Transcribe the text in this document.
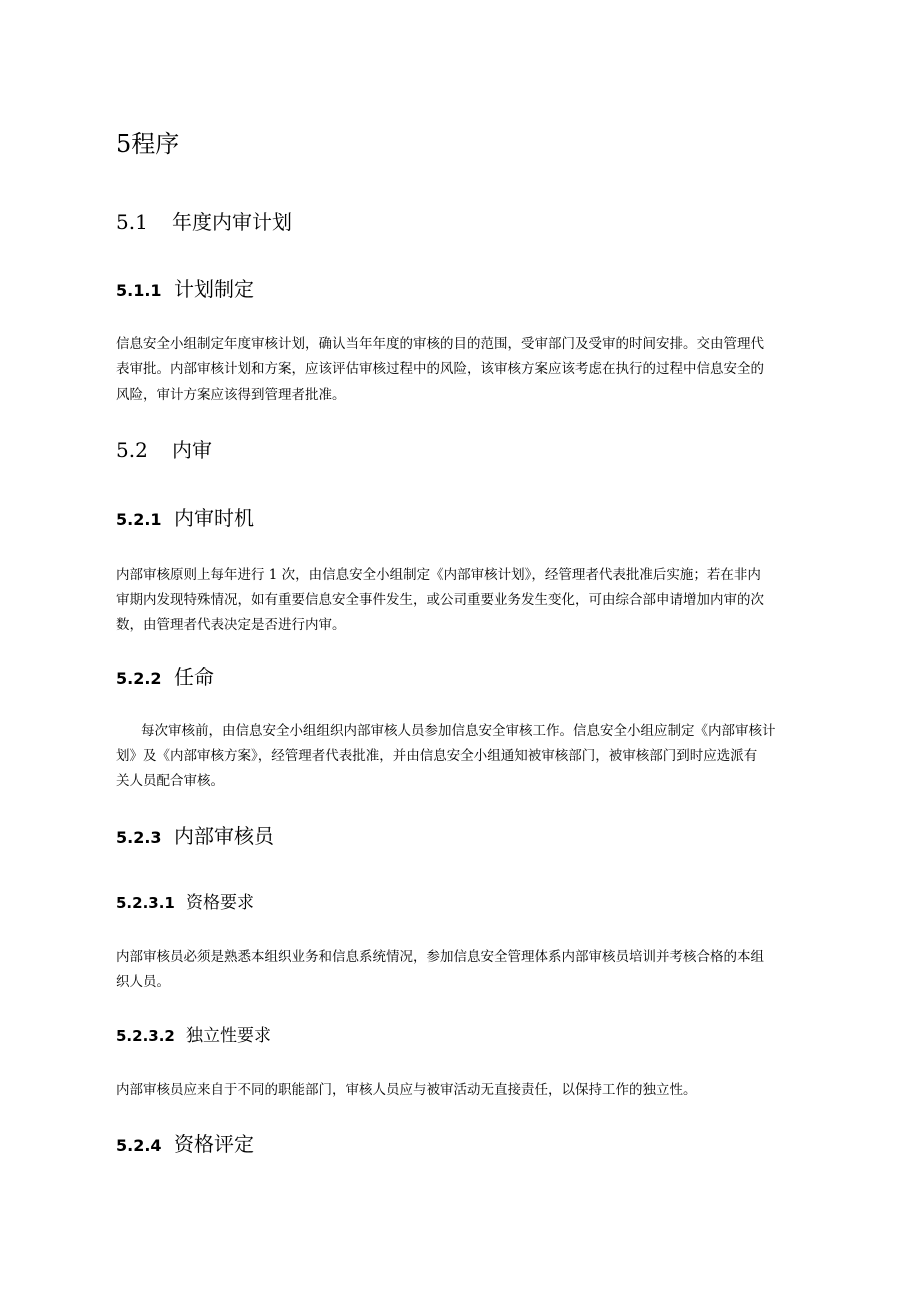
5程序
5.1 年度内审计划
5.1.1 计划制定
信息安全小组制定年度审核计划，确认当年年度的审核的目的范围，受审部门及受审的时间安排。交由管理代
表审批。内部审核计划和方案，应该评估审核过程中的风险，该审核方案应该考虑在执行的过程中信息安全的
风险，审计方案应该得到管理者批准。
5.2 内审
5.2.1 内审时机
内部审核原则上每年进行 1 次，由信息安全小组制定《内部审核计划》，经管理者代表批准后实施；若在非内
审期内发现特殊情况，如有重要信息安全事件发生，或公司重要业务发生变化，可由综合部申请增加内审的次
数，由管理者代表决定是否进行内审。
5.2.2 任命
每次审核前，由信息安全小组组织内部审核人员参加信息安全审核工作。信息安全小组应制定《内部审核计
划》及《内部审核方案》，经管理者代表批准，并由信息安全小组通知被审核部门，被审核部门到时应选派有
关人员配合审核。
5.2.3 内部审核员
5.2.3.1 资格要求
内部审核员必须是熟悉本组织业务和信息系统情况，参加信息安全管理体系内部审核员培训并考核合格的本组
织人员。
5.2.3.2 独立性要求
内部审核员应来自于不同的职能部门，审核人员应与被审活动无直接责任，以保持工作的独立性。
5.2.4 资格评定
